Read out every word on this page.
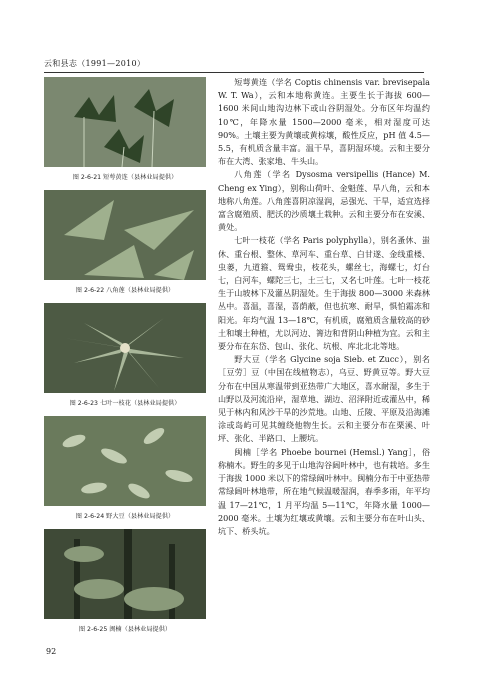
云和县志（1991—2010）
图 2-6-21 短萼黄连（县林业局提供）
图 2-6-22 八角莲（县林业局提供）
图 2-6-23 七叶一枝花（县林业局提供）
图 2-6-24 野大豆（县林业局提供）
图 2-6-25 闽楠（县林业局提供）

短萼黄连（学名 Coptis chinensis var. brevisepala W. T. Wa），云和本地称黄连。主要生长于海拔 600—1600 米间山地沟边林下或山谷阴湿处。分布区年均温约 10℃，年降水量 1500—2000 毫米，相对湿度可达 90%。土壤主要为黄壤或黄棕壤，酸性反应，pH 值 4.5—5.5，有机质含量丰富。温干旱，喜阴湿环境。云和主要分布在大湾、张家地、牛头山。

八角莲（学名 Dysosma versipellis (Hance) M. Cheng ex Ying），别称山荷叶、金魁莲、旱八角，云和本地称八角莲。八角莲喜阴凉湿润，忌强光、干旱，适宜选择富含腐殖质、肥沃的沙质壤土栽种。云和主要分布在安溪、黄处。

七叶一枝花（学名 Paris polyphylla），别名蚤休、蚩休、重台根、整休、草河车、重台草、白甘遂、金线重楼、虫蒌，九道箍、鸳鸯虫，枝花头，螺丝七，海螺七，灯台七，白河车，螺陀三七，土三七，又名七叶莲。七叶一枝花生于山坡林下及灌丛阴湿处。生于海拔 800—3000 米森林丛中。喜温，喜湿，喜荫蔽，但也抗寒、耐旱，惧怕霜冻和阳光。年均气温 13—18℃，有机质，腐殖质含量较高的砂土和壤土种植，尤以河边、箐边和背阴山种植为宜。云和主要分布在东岱、包山、张化、坑根、库北北北等地。

野大豆（学名 Glycine soja Sieb. et Zucc），别名［豆劳］豆（中国在线植物志），乌豆、野黄豆等。野大豆分布在中国从寒温带到亚热带广大地区，喜水耐湿，多生于山野以及河流沿岸，湿草地、湖边、沼泽附近或灌丛中，稀见于林内和风沙干旱的沙荒地。山地、丘陵、平原及沿海滩涂或岛屿可见其缠绕他物生长。云和主要分布在栗溪、叶坪、张化、半路口、上腰坑。

闽楠［学名 Phoebe bournei (Hemsl.) Yang］，俗称楠木。野生的多见于山地沟谷阔叶林中，也有栽培。多生于海拔 1000 米以下的常绿阔叶林中。闽楠分布于中亚热带常绿阔叶林地带，所在地气候温暖湿润，春季多雨，年平均温 17—21℃，1 月平均温 5—11℃，年降水量 1000—2000 毫米。土壤为红壤或黄壤。云和主要分布在叶山头、坑下、桥头坑。

92
